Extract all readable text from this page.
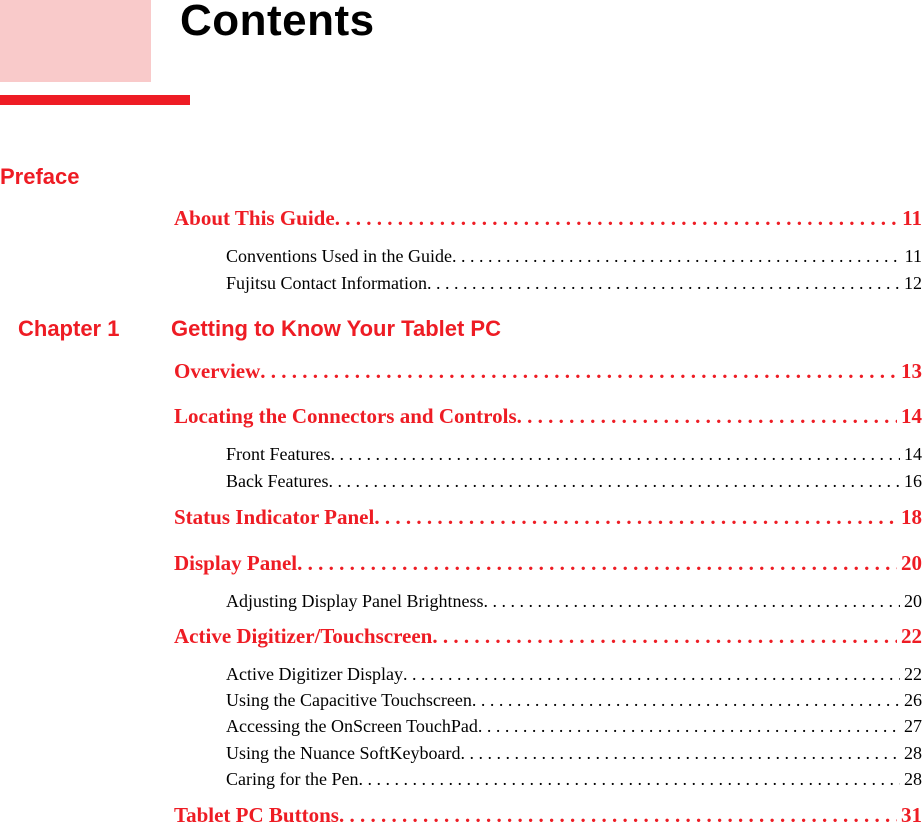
Contents
Preface
About This Guide . . .	11
Conventions Used in the Guide . . .	11
Fujitsu Contact Information . . .	12
Chapter 1 Getting to Know Your Tablet PC
Overview . . .	13
Locating the Connectors and Controls . . .	14
Front Features . . .	14
Back Features . . .	16
Status Indicator Panel . . .	18
Display Panel . . .	20
Adjusting Display Panel Brightness . . .	20
Active Digitizer/Touchscreen . . .	22
Active Digitizer Display . . .	22
Using the Capacitive Touchscreen . . .	26
Accessing the OnScreen TouchPad . . .	27
Using the Nuance SoftKeyboard . . .	28
Caring for the Pen . . .	28
Tablet PC Buttons . . .	31
